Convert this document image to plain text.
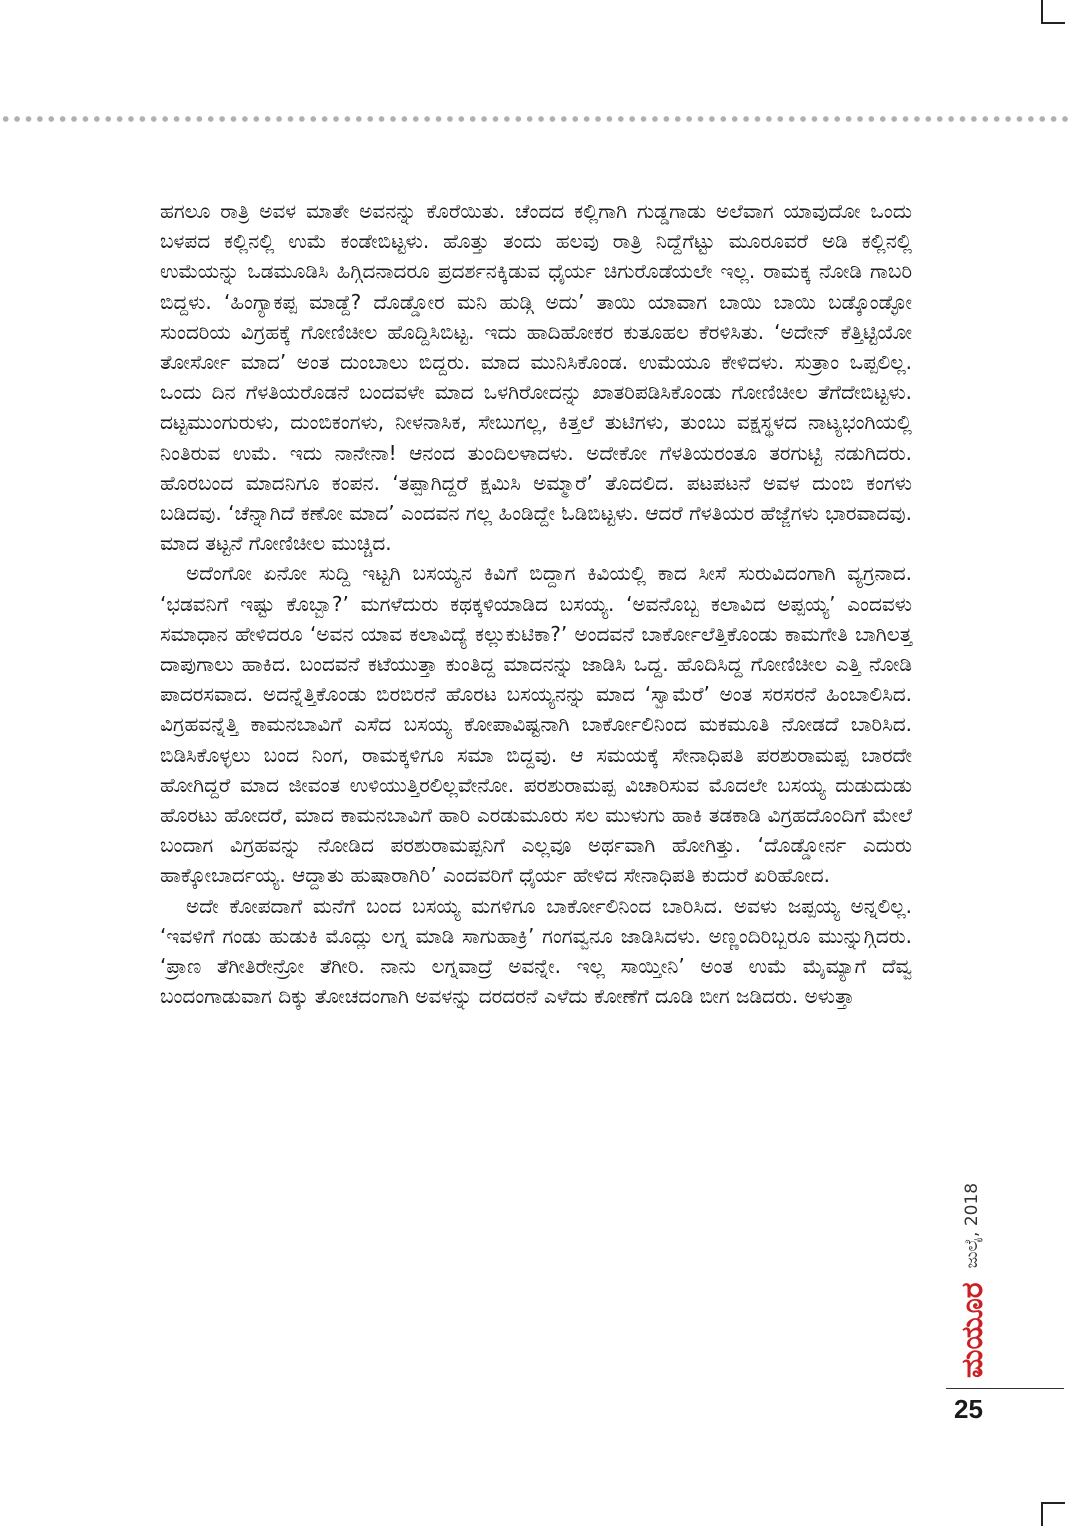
ಹಗಲೂ ರಾತ್ರಿ ಅವಳ ಮಾತೇ ಅವನನ್ನು ಕೊರೆಯಿತು. ಚೆಂದದ ಕಲ್ಲಿಗಾಗಿ ಗುಡ್ಡಗಾಡು ಅಲೆವಾಗ ಯಾವುದೋ ಒಂದು ಬಳಪದ ಕಲ್ಲಿನಲ್ಲಿ ಉಮೆ ಕಂಡೇಬಿಟ್ಟಳು. ಹೊತ್ತು ತಂದು ಹಲವು ರಾತ್ರಿ ನಿದ್ದೆಗೆಟ್ಟು ಮೂರೂವರೆ ಅಡಿ ಕಲ್ಲಿನಲ್ಲಿ ಉಮೆಯನ್ನು ಒಡಮೂಡಿಸಿ ಹಿಗ್ಗಿದನಾದರೂ ಪ್ರದರ್ಶನಕ್ಕಿಡುವ ಧೈರ್ಯ ಚಿಗುರೊಡೆಯಲೇ ಇಲ್ಲ. ರಾಮಕ್ಕ ನೋಡಿ ಗಾಬರಿ ಬಿದ್ದಳು. ‘ಹಿಂಗ್ಯಾಕಪ್ಪ ಮಾಡ್ದೆ? ದೊಡ್ಡೋರ ಮನಿ ಹುಡ್ಗಿ ಅದು’ ತಾಯಿ ಯಾವಾಗ ಬಾಯಿ ಬಾಯಿ ಬಡ್ಕೊಂಡ್ಳೋ ಸುಂದರಿಯ ವಿಗ್ರಹಕ್ಕೆ ಗೋಣಿಚೀಲ ಹೊದ್ದಿಸಿಬಿಟ್ಟ. ಇದು ಹಾದಿಹೋಕರ ಕುತೂಹಲ ಕೆರಳಿಸಿತು. ‘ಅದೇನ್ ಕೆತ್ತಿಟ್ಟಿಯೋ ತೋರ್ಸೋ ಮಾದ’ ಅಂತ ದುಂಬಾಲು ಬಿದ್ದರು. ಮಾದ ಮುನಿಸಿಕೊಂಡ. ಉಮೆಯೂ ಕೇಳಿದಳು. ಸುತ್ರಾಂ ಒಪ್ಪಲಿಲ್ಲ. ಒಂದು ದಿನ ಗೆಳತಿಯರೊಡನೆ ಬಂದವಳೇ ಮಾದ ಒಳಗಿರೋದನ್ನು ಖಾತರಿಪಡಿಸಿಕೊಂಡು ಗೋಣಿಚೀಲ ತೆಗೆದೇಬಿಟ್ಟಳು. ದಟ್ಟಮುಂಗುರುಳು, ದುಂಬಿಕಂಗಳು, ನೀಳನಾಸಿಕ, ಸೇಬುಗಲ್ಲ, ಕಿತ್ತಲೆ ತುಟಿಗಳು, ತುಂಬು ವಕ್ಷಸ್ಥಳದ ನಾಟ್ಯಭಂಗಿಯಲ್ಲಿ ನಿಂತಿರುವ ಉಮೆ. ಇದು ನಾನೇನಾ! ಆನಂದ ತುಂದಿಲಳಾದಳು. ಅದೇಕೋ ಗೆಳತಿಯರಂತೂ ತರಗುಟ್ಟಿ ನಡುಗಿದರು. ಹೊರಬಂದ ಮಾದನಿಗೂ ಕಂಪನ. ‘ತಪ್ಪಾಗಿದ್ದರೆ ಕ್ಷಮಿಸಿ ಅಮ್ಮಾರೆ’ ತೊದಲಿದ. ಪಟಪಟನೆ ಅವಳ ದುಂಬಿ ಕಂಗಳು ಬಡಿದವು. ‘ಚೆನ್ನಾಗಿದೆ ಕಣೋ ಮಾದ’ ಎಂದವನ ಗಲ್ಲ ಹಿಂಡಿದ್ದೇ ಓಡಿಬಿಟ್ಟಳು. ಆದರೆ ಗೆಳತಿಯರ ಹೆಜ್ಜೆಗಳು ಭಾರವಾದವು. ಮಾದ ತಟ್ಟನೆ ಗೋಣಿಚೀಲ ಮುಚ್ಚಿದ.

ಅದೆಂಗೋ ಏನೋ ಸುದ್ದಿ ಇಟ್ಟಗಿ ಬಸಯ್ಯನ ಕಿವಿಗೆ ಬಿದ್ದಾಗ ಕಿವಿಯಲ್ಲಿ ಕಾದ ಸೀಸೆ ಸುರುವಿದಂಗಾಗಿ ವ್ಯಗ್ರನಾದ. ‘ಭಡವನಿಗೆ ಇಷ್ಟು ಕೊಬ್ಬಾ?’ ಮಗಳೆದುರು ಕಥಕ್ಕಳಿಯಾಡಿದ ಬಸಯ್ಯ. ‘ಅವನೊಬ್ಬ ಕಲಾವಿದ ಅಪ್ಪಯ್ಯ’ ಎಂದವಳು ಸಮಾಧಾನ ಹೇಳಿದರೂ ‘ಅವನ ಯಾವ ಕಲಾವಿದ್ಯೆ ಕಲ್ಲುಕುಟಿಕಾ?’ ಅಂದವನೆ ಬಾರ್ಕೋಲೆತ್ತಿಕೊಂಡು ಕಾಮಗೇತಿ ಬಾಗಿಲತ್ತ ದಾಪುಗಾಲು ಹಾಕಿದ. ಬಂದವನೆ ಕಟೆಯುತ್ತಾ ಕುಂತಿದ್ದ ಮಾದನನ್ನು ಜಾಡಿಸಿ ಒದ್ದ. ಹೊದಿಸಿದ್ದ ಗೋಣಿಚೀಲ ಎತ್ತಿ ನೋಡಿ ಪಾದರಸವಾದ. ಅದನ್ನೆತ್ತಿಕೊಂಡು ಬಿರಬಿರನೆ ಹೊರಟ ಬಸಯ್ಯನನ್ನು ಮಾದ ‘ಸ್ವಾಮೆರೆ’ ಅಂತ ಸರಸರನೆ ಹಿಂಬಾಲಿಸಿದ. ವಿಗ್ರಹವನ್ನೆತ್ತಿ ಕಾಮನಬಾವಿಗೆ ಎಸೆದ ಬಸಯ್ಯ ಕೋಪಾವಿಷ್ಟನಾಗಿ ಬಾರ್ಕೋಲಿನಿಂದ ಮಕಮೂತಿ ನೋಡದೆ ಬಾರಿಸಿದ. ಬಿಡಿಸಿಕೊಳ್ಳಲು ಬಂದ ನಿಂಗ, ರಾಮಕ್ಕಳಿಗೂ ಸಮಾ ಬಿದ್ದವು. ಆ ಸಮಯಕ್ಕೆ ಸೇನಾಧಿಪತಿ ಪರಶುರಾಮಪ್ಪ ಬಾರದೇ ಹೋಗಿದ್ದರೆ ಮಾದ ಜೀವಂತ ಉಳಿಯುತ್ತಿರಲಿಲ್ಲವೇನೋ. ಪರಶುರಾಮಪ್ಪ ವಿಚಾರಿಸುವ ಮೊದಲೇ ಬಸಯ್ಯ ದುಡುದುಡು ಹೊರಟು ಹೋದರೆ, ಮಾದ ಕಾಮನಬಾವಿಗೆ ಹಾರಿ ಎರಡುಮೂರು ಸಲ ಮುಳುಗು ಹಾಕಿ ತಡಕಾಡಿ ವಿಗ್ರಹದೊಂದಿಗೆ ಮೇಲೆ ಬಂದಾಗ ವಿಗ್ರಹವನ್ನು ನೋಡಿದ ಪರಶುರಾಮಪ್ಪನಿಗೆ ಎಲ್ಲವೂ ಅರ್ಥವಾಗಿ ಹೋಗಿತ್ತು. ‘ದೊಡ್ಡೋರ್ನ ಎದುರು ಹಾಕ್ಕೋಬಾರ್ದಯ್ಯ. ಆದ್ದಾತು ಹುಷಾರಾಗಿರಿ’ ಎಂದವರಿಗೆ ಧೈರ್ಯ ಹೇಳಿದ ಸೇನಾಧಿಪತಿ ಕುದುರೆ ಏರಿಹೋದ.

ಅದೇ ಕೋಪದಾಗೆ ಮನೆಗೆ ಬಂದ ಬಸಯ್ಯ ಮಗಳಿಗೂ ಬಾರ್ಕೋಲಿನಿಂದ ಬಾರಿಸಿದ. ಅವಳು ಜಪ್ಪಯ್ಯ ಅನ್ನಲಿಲ್ಲ. ‘ಇವಳಿಗೆ ಗಂಡು ಹುಡುಕಿ ಮೊದ್ಲು ಲಗ್ನ ಮಾಡಿ ಸಾಗುಹಾಕ್ರಿ’ ಗಂಗವ್ವನೂ ಜಾಡಿಸಿದಳು. ಅಣ್ಣಂದಿರಿಬ್ಬರೂ ಮುನ್ನುಗ್ಗಿದರು. ‘ಪ್ರಾಣ ತೆಗೀತಿರೇನ್ರೋ ತೆಗೀರಿ. ನಾನು ಲಗ್ನವಾದ್ರೆ ಅವನ್ನೇ. ಇಲ್ಲ ಸಾಯ್ತೀನಿ’ ಅಂತ ಉಮೆ ಮೈಮ್ಯಾಗೆ ದೆವ್ವ ಬಂದಂಗಾಡುವಾಗ ದಿಕ್ಕು ತೋಚದಂಗಾಗಿ ಅವಳನ್ನು ದರದರನೆ ಎಳೆದು ಕೋಣೆಗೆ ದೂಡಿ ಬೀಗ ಜಡಿದರು. ಅಳುತ್ತಾ

ಮಯೂರ
ಜುಲೈ, 2018
25
